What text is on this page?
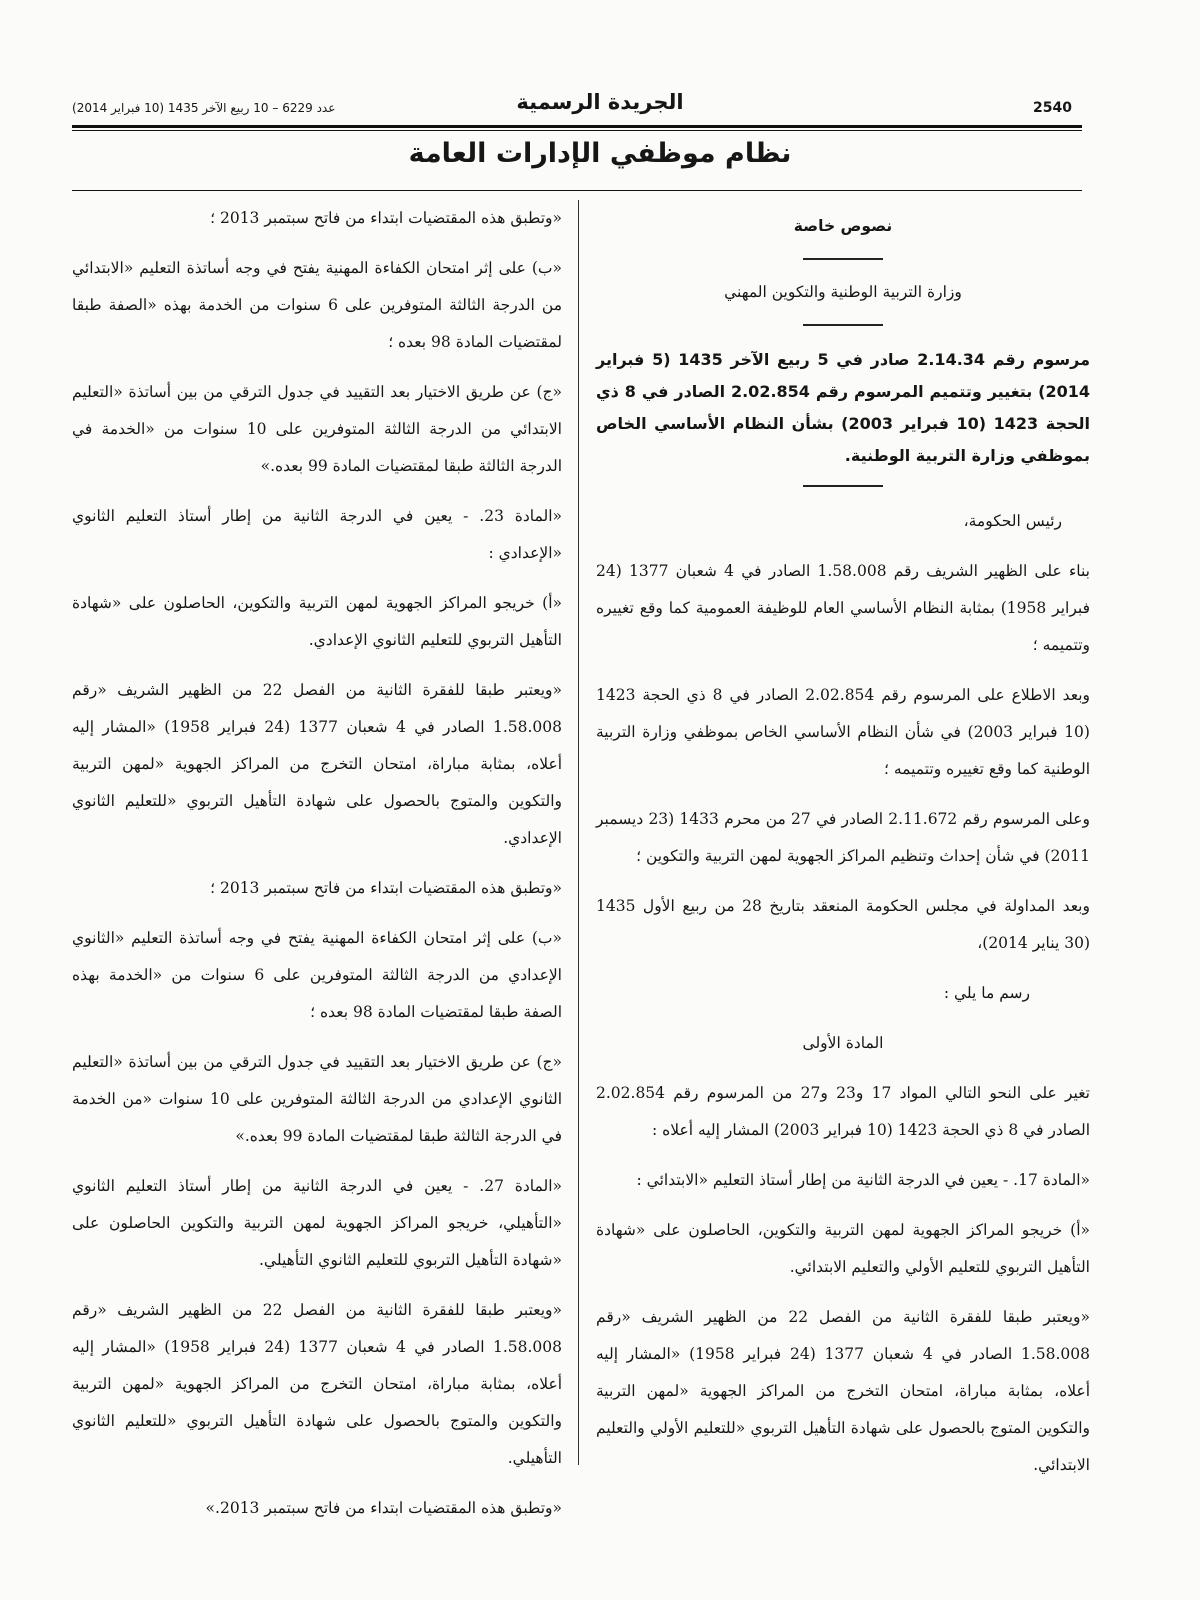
2540
الجريدة الرسمية
عدد 6229 – 10 ربيع الآخر 1435 (10 فبراير 2014)
نظام موظفي الإدارات العامة
نصوص خاصة
وزارة التربية الوطنية والتكوين المهني
مرسوم رقم 2.14.34 صادر في 5 ربيع الآخر 1435 (5 فبراير 2014) بتغيير وتتميم المرسوم رقم 2.02.854 الصادر في 8 ذي الحجة 1423 (10 فبراير 2003) بشأن النظام الأساسي الخاص بموظفي وزارة التربية الوطنية.
رئيس الحكومة،
بناء على الظهير الشريف رقم 1.58.008 الصادر في 4 شعبان 1377 (24 فبراير 1958) بمثابة النظام الأساسي العام للوظيفة العمومية كما وقع تغييره وتتميمه ؛
وبعد الاطلاع على المرسوم رقم 2.02.854 الصادر في 8 ذي الحجة 1423 (10 فبراير 2003) في شأن النظام الأساسي الخاص بموظفي وزارة التربية الوطنية كما وقع تغييره وتتميمه ؛
وعلى المرسوم رقم 2.11.672 الصادر في 27 من محرم 1433 (23 ديسمبر 2011) في شأن إحداث وتنظيم المراكز الجهوية لمهن التربية والتكوين ؛
وبعد المداولة في مجلس الحكومة المنعقد بتاريخ 28 من ربيع الأول 1435 (30 يناير 2014)،
رسم ما يلي :
المادة الأولى
تغير على النحو التالي المواد 17 و23 و27 من المرسوم رقم 2.02.854 الصادر في 8 ذي الحجة 1423 (10 فبراير 2003) المشار إليه أعلاه :
«المادة 17. - يعين في الدرجة الثانية من إطار أستاذ التعليم «الابتدائي :
«أ) خريجو المراكز الجهوية لمهن التربية والتكوين، الحاصلون على «شهادة التأهيل التربوي للتعليم الأولي والتعليم الابتدائي.
«ويعتبر طبقا للفقرة الثانية من الفصل 22 من الظهير الشريف «رقم 1.58.008 الصادر في 4 شعبان 1377 (24 فبراير 1958) «المشار إليه أعلاه، بمثابة مباراة، امتحان التخرج من المراكز الجهوية «لمهن التربية والتكوين المتوج بالحصول على شهادة التأهيل التربوي «للتعليم الأولي والتعليم الابتدائي.
«وتطبق هذه المقتضيات ابتداء من فاتح سبتمبر 2013 ؛
«ب) على إثر امتحان الكفاءة المهنية يفتح في وجه أساتذة التعليم «الابتدائي من الدرجة الثالثة المتوفرين على 6 سنوات من الخدمة بهذه «الصفة طبقا لمقتضيات المادة 98 بعده ؛
«ج) عن طريق الاختيار بعد التقييد في جدول الترقي من بين أساتذة «التعليم الابتدائي من الدرجة الثالثة المتوفرين على 10 سنوات من «الخدمة في الدرجة الثالثة طبقا لمقتضيات المادة 99 بعده.»
«المادة 23. - يعين في الدرجة الثانية من إطار أستاذ التعليم الثانوي «الإعدادي :
«أ) خريجو المراكز الجهوية لمهن التربية والتكوين، الحاصلون على «شهادة التأهيل التربوي للتعليم الثانوي الإعدادي.
«ويعتبر طبقا للفقرة الثانية من الفصل 22 من الظهير الشريف «رقم 1.58.008 الصادر في 4 شعبان 1377 (24 فبراير 1958) «المشار إليه أعلاه، بمثابة مباراة، امتحان التخرج من المراكز الجهوية «لمهن التربية والتكوين والمتوج بالحصول على شهادة التأهيل التربوي «للتعليم الثانوي الإعدادي.
«وتطبق هذه المقتضيات ابتداء من فاتح سبتمبر 2013 ؛
«ب) على إثر امتحان الكفاءة المهنية يفتح في وجه أساتذة التعليم «الثانوي الإعدادي من الدرجة الثالثة المتوفرين على 6 سنوات من «الخدمة بهذه الصفة طبقا لمقتضيات المادة 98 بعده ؛
«ج) عن طريق الاختيار بعد التقييد في جدول الترقي من بين أساتذة «التعليم الثانوي الإعدادي من الدرجة الثالثة المتوفرين على 10 سنوات «من الخدمة في الدرجة الثالثة طبقا لمقتضيات المادة 99 بعده.»
«المادة 27. - يعين في الدرجة الثانية من إطار أستاذ التعليم الثانوي «التأهيلي، خريجو المراكز الجهوية لمهن التربية والتكوين الحاصلون على «شهادة التأهيل التربوي للتعليم الثانوي التأهيلي.
«ويعتبر طبقا للفقرة الثانية من الفصل 22 من الظهير الشريف «رقم 1.58.008 الصادر في 4 شعبان 1377 (24 فبراير 1958) «المشار إليه أعلاه، بمثابة مباراة، امتحان التخرج من المراكز الجهوية «لمهن التربية والتكوين والمتوج بالحصول على شهادة التأهيل التربوي «للتعليم الثانوي التأهيلي.
«وتطبق هذه المقتضيات ابتداء من فاتح سبتمبر 2013.»
